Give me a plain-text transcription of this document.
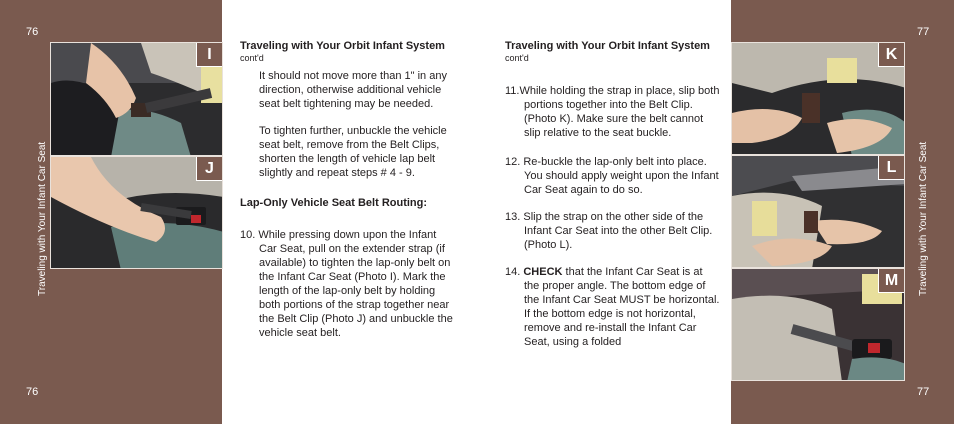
76
76
Traveling with Your Infant Car Seat
I
J
Traveling with Your Orbit Infant System cont'd
It should not move more than 1" in any direction, otherwise additional vehicle seat belt tightening may be needed.
To tighten further, unbuckle the vehicle seat belt, remove from the Belt Clips, shorten the length of vehicle lap belt slightly and repeat steps # 4 - 9.
Lap-Only Vehicle Seat Belt Routing:
10. While pressing down upon the Infant Car Seat, pull on the extender strap (if available) to tighten the lap-only belt on the Infant Car Seat (Photo I). Mark the length of the lap-only belt by holding both portions of the strap together near the Belt Clip (Photo J) and unbuckle the vehicle seat belt.
Traveling with Your Orbit Infant System cont'd
11.While holding the strap in place, slip both portions together into the Belt Clip. (Photo K). Make sure the belt cannot slip relative to the seat buckle.
12. Re-buckle the lap-only belt into place. You should apply weight upon the Infant Car Seat again to do so.
13. Slip the strap on the other side of the Infant Car Seat into the other Belt Clip. (Photo L).
14. CHECK that the Infant Car Seat is at the proper angle. The bottom edge of the Infant Car Seat MUST be horizontal. If the bottom edge is not horizontal, remove and re-install the Infant Car Seat, using a folded
77
77
Traveling with Your Infant Car Seat
K
L
M
